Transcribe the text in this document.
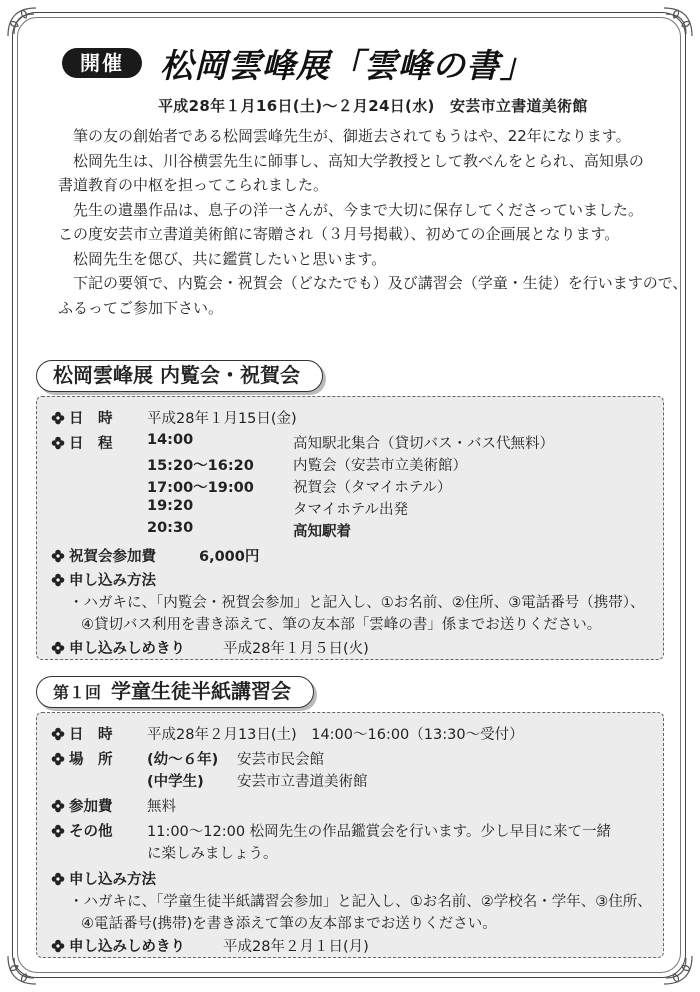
開催	松岡雲峰展「雲峰の書」
平成28年１月16日(土)～２月24日(水)　安芸市立書道美術館

　筆の友の創始者である松岡雲峰先生が、御逝去されてもうはや、22年になります。

　松岡先生は、川谷横雲先生に師事し、高知大学教授として教べんをとられ、高知県の

書道教育の中枢を担ってこられました。

　先生の遺墨作品は、息子の洋一さんが、今まで大切に保存してくださっていました。

この度安芸市立書道美術館に寄贈され（３月号掲載）、初めての企画展となります。

　松岡先生を偲び、共に鑑賞したいと思います。

　下記の要領で、内覧会・祝賀会（どなたでも）及び講習会（学童・生徒）を行いますので、

ふるってご参加下さい。

松岡雲峰展 内覧会・祝賀会
日　時 平成28年１月15日(金)
日　程 14:00	高知駅北集合（貸切バス・バス代無料）
15:20～16:20	内覧会（安芸市立美術館）
17:00～19:00	祝賀会（タマイホテル）
19:20	タマイホテル出発
20:30	高知駅着
祝賀会参加費	6,000円
申し込み方法
・ハガキに、「内覧会・祝賀会参加」と記入し、①お名前、②住所、③電話番号（携帯）、
④貸切バス利用を書き添えて、筆の友本部「雲峰の書」係までお送りください。
申し込みしめきり	平成28年１月５日(火)
第１回 学童生徒半紙講習会
日　時 平成28年２月13日(土)　14:00～16:00（13:30～受付）
場　所 (幼～６年) 安芸市民会館
(中学生) 安芸市立書道美術館
参加費 無料
その他 11:00～12:00 松岡先生の作品鑑賞会を行います。少し早目に来て一緒
に楽しみましょう。
申し込み方法
・ハガキに、「学童生徒半紙講習会参加」と記入し、①お名前、②学校名・学年、③住所、
④電話番号(携帯)を書き添えて筆の友本部までお送りください。
申し込みしめきり	平成28年２月１日(月)
